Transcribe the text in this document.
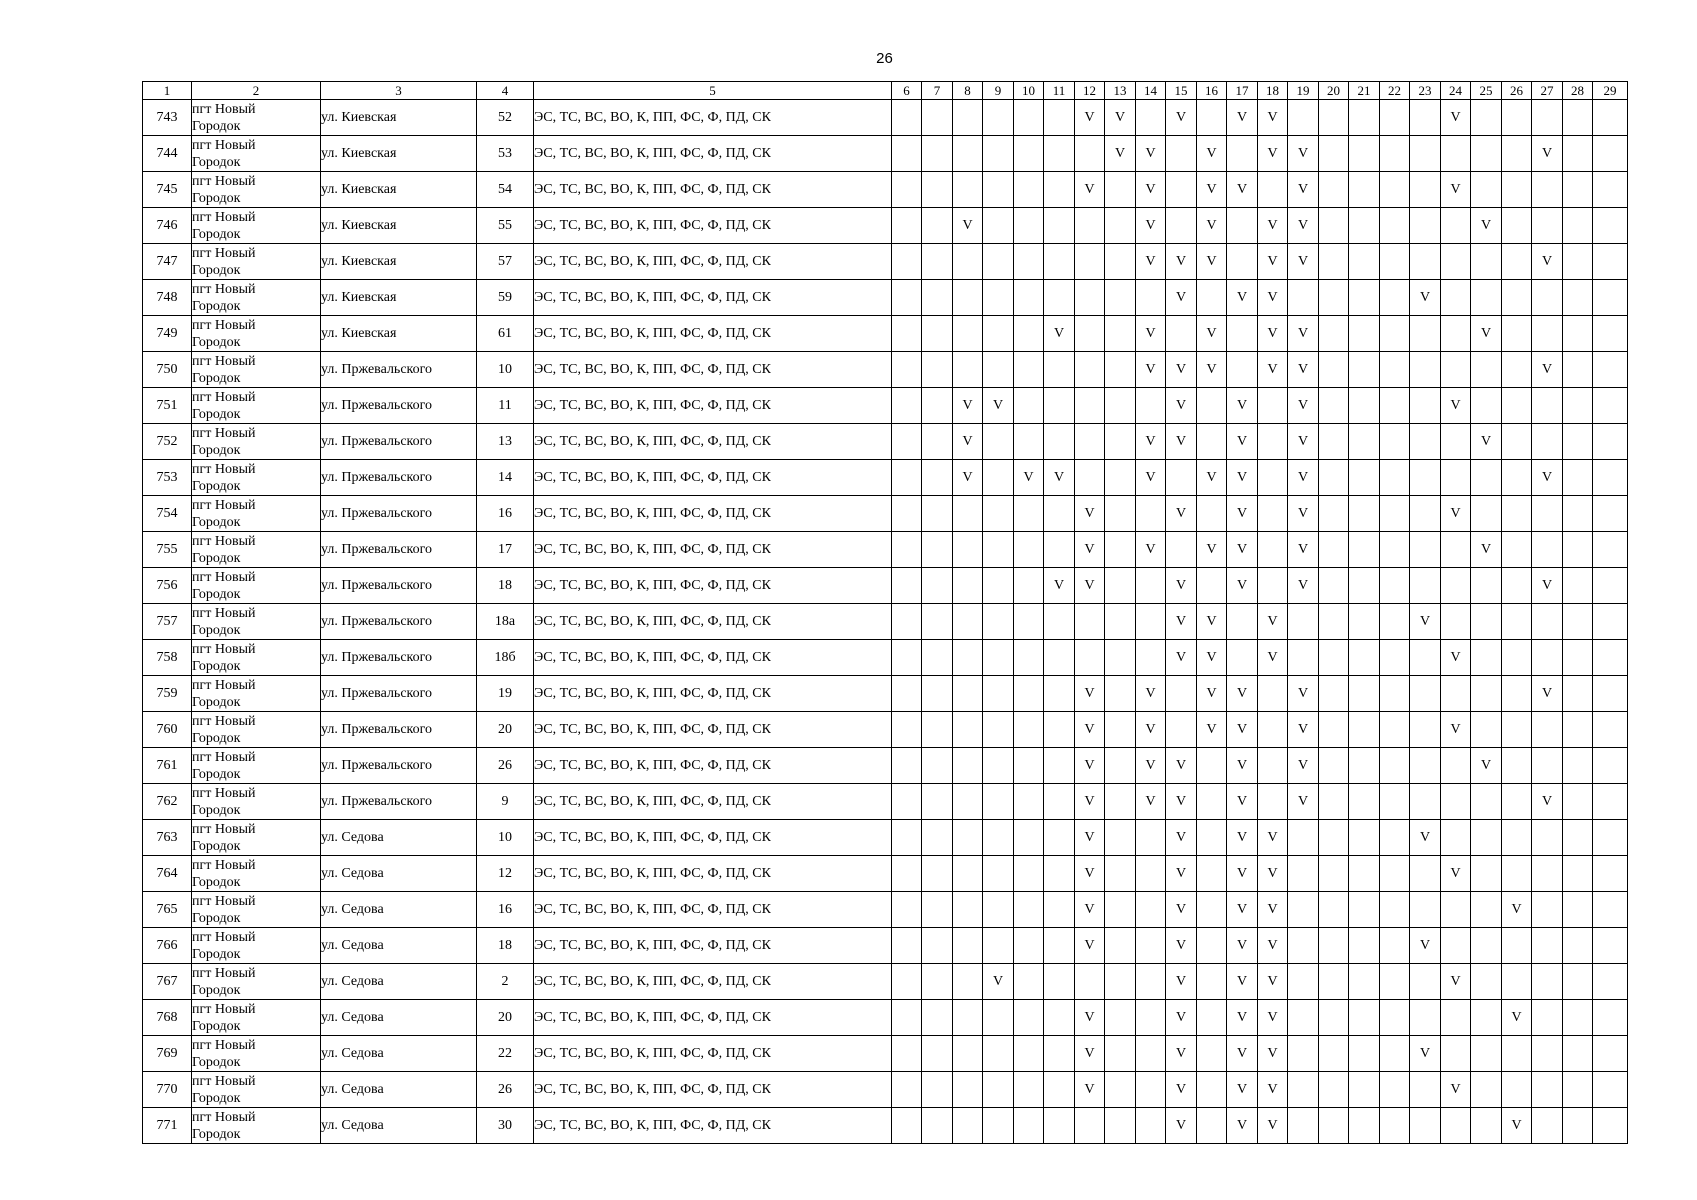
26
1	2	3	4	5	6	7	8	9	10	11	12	13	14	15	16	17	18	19	20	21	22	23	24	25	26	27	28	29
743	пгт Новый
Городок	ул. Киевская	52	ЭС, ТС, ВС, ВО, К, ПП, ФС, Ф, ПД, СК							V	V		V		V	V						V					
744	пгт Новый
Городок	ул. Киевская	53	ЭС, ТС, ВС, ВО, К, ПП, ФС, Ф, ПД, СК								V	V		V		V	V								V		
745	пгт Новый
Городок	ул. Киевская	54	ЭС, ТС, ВС, ВО, К, ПП, ФС, Ф, ПД, СК							V		V		V	V		V					V					
746	пгт Новый
Городок	ул. Киевская	55	ЭС, ТС, ВС, ВО, К, ПП, ФС, Ф, ПД, СК			V						V		V		V	V						V				
747	пгт Новый
Городок	ул. Киевская	57	ЭС, ТС, ВС, ВО, К, ПП, ФС, Ф, ПД, СК									V	V	V		V	V								V		
748	пгт Новый
Городок	ул. Киевская	59	ЭС, ТС, ВС, ВО, К, ПП, ФС, Ф, ПД, СК										V		V	V					V						
749	пгт Новый
Городок	ул. Киевская	61	ЭС, ТС, ВС, ВО, К, ПП, ФС, Ф, ПД, СК						V			V		V		V	V						V				
750	пгт Новый
Городок	ул. Пржевальского	10	ЭС, ТС, ВС, ВО, К, ПП, ФС, Ф, ПД, СК									V	V	V		V	V								V		
751	пгт Новый
Городок	ул. Пржевальского	11	ЭС, ТС, ВС, ВО, К, ПП, ФС, Ф, ПД, СК			V	V						V		V		V					V					
752	пгт Новый
Городок	ул. Пржевальского	13	ЭС, ТС, ВС, ВО, К, ПП, ФС, Ф, ПД, СК			V						V	V		V		V						V				
753	пгт Новый
Городок	ул. Пржевальского	14	ЭС, ТС, ВС, ВО, К, ПП, ФС, Ф, ПД, СК			V		V	V			V		V	V		V								V		
754	пгт Новый
Городок	ул. Пржевальского	16	ЭС, ТС, ВС, ВО, К, ПП, ФС, Ф, ПД, СК							V			V		V		V					V					
755	пгт Новый
Городок	ул. Пржевальского	17	ЭС, ТС, ВС, ВО, К, ПП, ФС, Ф, ПД, СК							V		V		V	V		V						V				
756	пгт Новый
Городок	ул. Пржевальского	18	ЭС, ТС, ВС, ВО, К, ПП, ФС, Ф, ПД, СК						V	V			V		V		V								V		
757	пгт Новый
Городок	ул. Пржевальского	18а	ЭС, ТС, ВС, ВО, К, ПП, ФС, Ф, ПД, СК										V	V		V					V						
758	пгт Новый
Городок	ул. Пржевальского	18б	ЭС, ТС, ВС, ВО, К, ПП, ФС, Ф, ПД, СК										V	V		V						V					
759	пгт Новый
Городок	ул. Пржевальского	19	ЭС, ТС, ВС, ВО, К, ПП, ФС, Ф, ПД, СК							V		V		V	V		V								V		
760	пгт Новый
Городок	ул. Пржевальского	20	ЭС, ТС, ВС, ВО, К, ПП, ФС, Ф, ПД, СК							V		V		V	V		V					V					
761	пгт Новый
Городок	ул. Пржевальского	26	ЭС, ТС, ВС, ВО, К, ПП, ФС, Ф, ПД, СК							V		V	V		V		V						V				
762	пгт Новый
Городок	ул. Пржевальского	9	ЭС, ТС, ВС, ВО, К, ПП, ФС, Ф, ПД, СК							V		V	V		V		V								V		
763	пгт Новый
Городок	ул. Седова	10	ЭС, ТС, ВС, ВО, К, ПП, ФС, Ф, ПД, СК							V			V		V	V					V						
764	пгт Новый
Городок	ул. Седова	12	ЭС, ТС, ВС, ВО, К, ПП, ФС, Ф, ПД, СК							V			V		V	V						V					
765	пгт Новый
Городок	ул. Седова	16	ЭС, ТС, ВС, ВО, К, ПП, ФС, Ф, ПД, СК							V			V		V	V								V			
766	пгт Новый
Городок	ул. Седова	18	ЭС, ТС, ВС, ВО, К, ПП, ФС, Ф, ПД, СК							V			V		V	V					V						
767	пгт Новый
Городок	ул. Седова	2	ЭС, ТС, ВС, ВО, К, ПП, ФС, Ф, ПД, СК				V						V		V	V						V					
768	пгт Новый
Городок	ул. Седова	20	ЭС, ТС, ВС, ВО, К, ПП, ФС, Ф, ПД, СК							V			V		V	V								V			
769	пгт Новый
Городок	ул. Седова	22	ЭС, ТС, ВС, ВО, К, ПП, ФС, Ф, ПД, СК							V			V		V	V					V						
770	пгт Новый
Городок	ул. Седова	26	ЭС, ТС, ВС, ВО, К, ПП, ФС, Ф, ПД, СК							V			V		V	V						V					
771	пгт Новый
Городок	ул. Седова	30	ЭС, ТС, ВС, ВО, К, ПП, ФС, Ф, ПД, СК										V		V	V								V			
